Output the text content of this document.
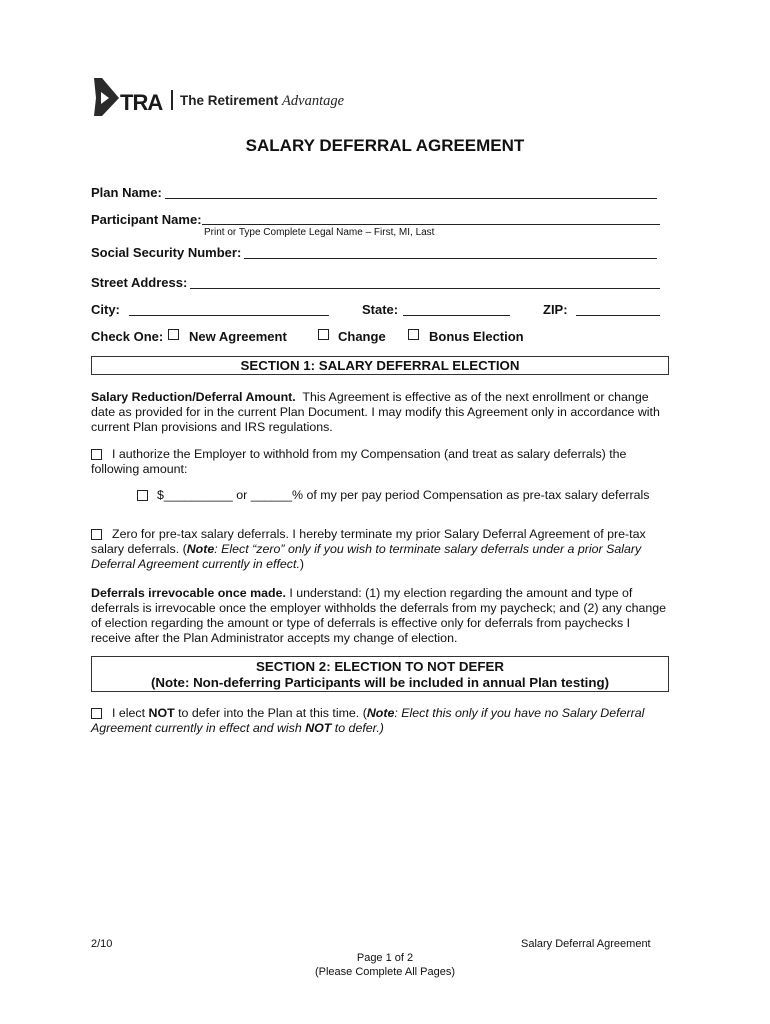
TRA The Retirement Advantage
SALARY DEFERRAL AGREEMENT
Plan Name:
Participant Name:
Print or Type Complete Legal Name – First, MI, Last
Social Security Number:
Street Address:
City:	State:	ZIP:
Check One: New Agreement	Change	Bonus Election
SECTION 1: SALARY DEFERRAL ELECTION
Salary Reduction/Deferral Amount. This Agreement is effective as of the next enrollment or change
date as provided for in the current Plan Document. I may modify this Agreement only in accordance with
current Plan provisions and IRS regulations.
I authorize the Employer to withhold from my Compensation (and treat as salary deferrals) the
following amount:
$__________ or ______% of my per pay period Compensation as pre-tax salary deferrals
Zero for pre-tax salary deferrals. I hereby terminate my prior Salary Deferral Agreement of pre-tax
salary deferrals. (Note: Elect “zero” only if you wish to terminate salary deferrals under a prior Salary
Deferral Agreement currently in effect.)
Deferrals irrevocable once made. I understand: (1) my election regarding the amount and type of
deferrals is irrevocable once the employer withholds the deferrals from my paycheck; and (2) any change
of election regarding the amount or type of deferrals is effective only for deferrals from paychecks I
receive after the Plan Administrator accepts my change of election.
SECTION 2: ELECTION TO NOT DEFER
(Note: Non-deferring Participants will be included in annual Plan testing)
I elect NOT to defer into the Plan at this time. (Note: Elect this only if you have no Salary Deferral
Agreement currently in effect and wish NOT to defer.)
2/10	Salary Deferral Agreement
Page 1 of 2
(Please Complete All Pages)
